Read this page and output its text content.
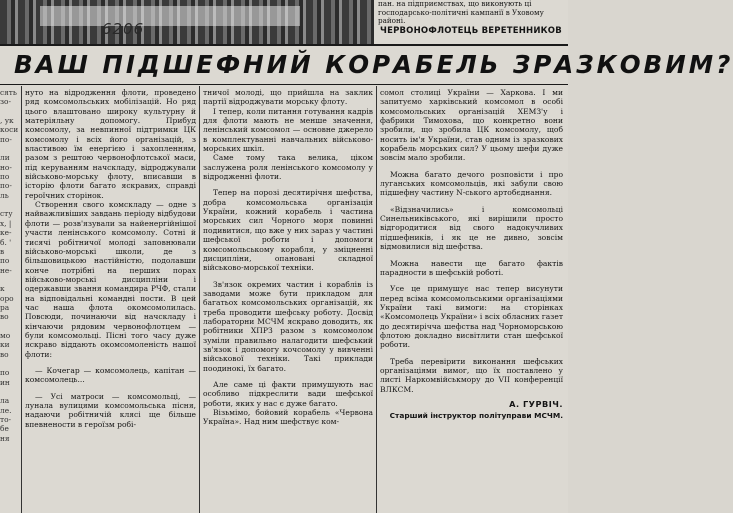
6206
пан. на підприємствах, що виконують ці господарсько-політичні кампанії в Уховому районі.
ЧЕРВОНОФЛОТЕЦЬ ВЕРЕТЕННИКОВ
ВАШ ПІДШЕФНИЙ КОРАБЕЛЬ ЗРАЗКОВИМ?
сять
зо-

, ук
коси
по-

ли
но-
по
по-
ль

сту
х, |
ке-
б. '
в
по
не-

к
оро
ра
во

мо
ки
во

по
ин

ла
ле.
то-
бе
ня

нуто на відродження флоти, проведено ряд комсомольських мобілізацій. Но ряд цього влаштовано широку культурну й матеріяльну допомогу. Прибуд комсомолу, за невпинної підтримки ЦК комсомолу і всіх його організацій, з властивою їм енергією і захопленням, разом з рештою червонофлотської маси, під керуванням начскладу, відроджували військово-морську флоту, вписавши в історію флоти багато яскравих, справді героїчних сторінок.

Створення свого комскладу — одне з найважливіших завдань періоду відбудови флоти — розв'язували за найенергійнішої участи ленінського комсомолу. Сотні й тисячі робітничої молоді заповнювали військово-морські школи, де з більшовицькою настійністю, подолавши конче потрібні на перших порах військово-морські дисципліни і одержавши звання командира РЧФ, стали на відповідальні командні пости. В цей час наша флота окомсомолилась. Повсюди, починаючи від начскладу і кінчаючи рядовим червонофлотцем — були комсомольці. Пісні того часу дуже яскраво віддають окомсомоленість нашої флоти:

— Кочегар — комсомолець, капітан — комсомолець...

— Усі матроси — комсомольці, — лунала вулицями комсомольська пісня, надаючи робітничій клясі ще більше впевнености в героїзм робі-

тничої молоді, що прийшла на заклик партії відроджувати морську флоту.

І тепер, коли питання готування кадрів для флоти мають не менше значення, ленінський комсомол — основне джерело в комплектуванні навчальних військово-морських шкіл.

Саме тому така велика, ціком заслужена роля ленінського комсомолу у відродженні флоти.

Тепер на порозі десятирічня шефства, добра комсомольська організація України, кожний корабель і частина морських сил Чорного моря повинні подивитися, що вже у них зараз у частині шефської роботи і допомоги комсомольському корабля, у зміцненні дисципліни, опановані складної військово-морської техніки.

Зв'язок окремих частин і кораблів із заводами може бути прикладом для багатьох комсомольських організацій, як треба проводити шефську роботу. Досвід лабораторни МСЧМ яскраво доводить, як робітники ХПРЗ разом з комсомолом зуміли правильно налагодити шефський зв'язок і допомогу кочсомолу у вивченні військової техніки. Такі приклади поодинокі, їх багато.

Але саме ці факти примушують нас особливо підкреслити вади шефської роботи, яких у нас є дуже багато.

Візьмімо, бойовий корабель «Червона Україна». Над ним шефствує ком-

сомол столиці України — Харкова. І ми запитуємо харківський комсомол в особі комсомольських організацій ХЕМЗ'у і фабрики Тимохова, що конкретно вони зробили, що зробила ЦК комсомолу, щоб носить ім'я України, став одним із зразкових корабель морських сил? У цьому шефи дуже зовсім мало зробили.

Можна багато дечого розповісти і про луганських комсомольців, які забули свою підшефну частину N-ського артобєднання.

«Відзначились» і комсомольці Синельниківського, які вирішили просто відгородитися від свого надокучливих підшефників, і як це не дивно, зовсім відмовилися від шефства.

Можна навести ще багато фактів парадности в шефській роботі.

Усе це примушує нас тепер висунути перед всіма комсомольськими організаціями України такі вимоги: на сторінках «Комсомолець України» і всіх обласних газет до десятирічча шефства над Чорноморською флотою докладно висвітлити стан шефської роботи.

Треба перевірити виконання шефських організаціями вимог, що їх поставлено у листі Наркомвійськмору до VII конференції ВЛКСМ.

А. ГУРВІЧ.
Старший інструктор політуправи МСЧМ.
